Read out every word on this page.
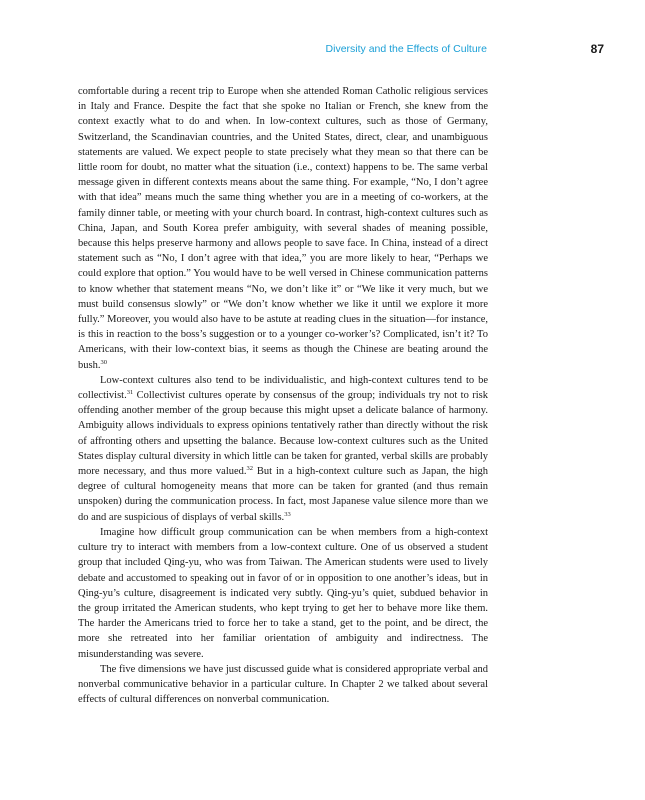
Diversity and the Effects of Culture	87

comfortable during a recent trip to Europe when she attended Roman Catholic religious services in Italy and France. Despite the fact that she spoke no Italian or French, she knew from the context exactly what to do and when. In low-context cultures, such as those of Germany, Switzerland, the Scandinavian countries, and the United States, direct, clear, and unambiguous statements are valued. We expect people to state precisely what they mean so that there can be little room for doubt, no matter what the situation (i.e., context) happens to be. The same verbal message given in different contexts means about the same thing. For example, “No, I don’t agree with that idea” means much the same thing whether you are in a meeting of co-workers, at the family dinner table, or meeting with your church board. In contrast, high-context cultures such as China, Japan, and South Korea prefer ambiguity, with several shades of meaning possible, because this helps preserve harmony and allows people to save face. In China, instead of a direct statement such as “No, I don’t agree with that idea,” you are more likely to hear, “Perhaps we could explore that option.” You would have to be well versed in Chinese communication patterns to know whether that statement means “No, we don’t like it” or “We like it very much, but we must build consensus slowly” or “We don’t know whether we like it until we explore it more fully.” Moreover, you would also have to be astute at reading clues in the situation—for instance, is this in reaction to the boss’s suggestion or to a younger co-worker’s? Complicated, isn’t it? To Americans, with their low-context bias, it seems as though the Chinese are beating around the bush.$^{30}$

Low-context cultures also tend to be individualistic, and high-context cultures tend to be collectivist.$^{31}$ Collectivist cultures operate by consensus of the group; individuals try not to risk offending another member of the group because this might upset a delicate balance of harmony. Ambiguity allows individuals to express opinions tentatively rather than directly without the risk of affronting others and upsetting the balance. Because low-context cultures such as the United States display cultural diversity in which little can be taken for granted, verbal skills are probably more necessary, and thus more valued.$^{32}$ But in a high-context culture such as Japan, the high degree of cultural homogeneity means that more can be taken for granted (and thus remain unspoken) during the communication process. In fact, most Japanese value silence more than we do and are suspicious of displays of verbal skills.$^{33}$

Imagine how difficult group communication can be when members from a high-context culture try to interact with members from a low-context culture. One of us observed a student group that included Qing-yu, who was from Taiwan. The American students were used to lively debate and accustomed to speaking out in favor of or in opposition to one another’s ideas, but in Qing-yu’s culture, disagreement is indicated very subtly. Qing-yu’s quiet, subdued behavior in the group irritated the American students, who kept trying to get her to behave more like them. The harder the Americans tried to force her to take a stand, get to the point, and be direct, the more she retreated into her familiar orientation of ambiguity and indirectness. The misunderstanding was severe.

The five dimensions we have just discussed guide what is considered appropriate verbal and nonverbal communicative behavior in a particular culture. In Chapter 2 we talked about several effects of cultural differences on nonverbal communication.
